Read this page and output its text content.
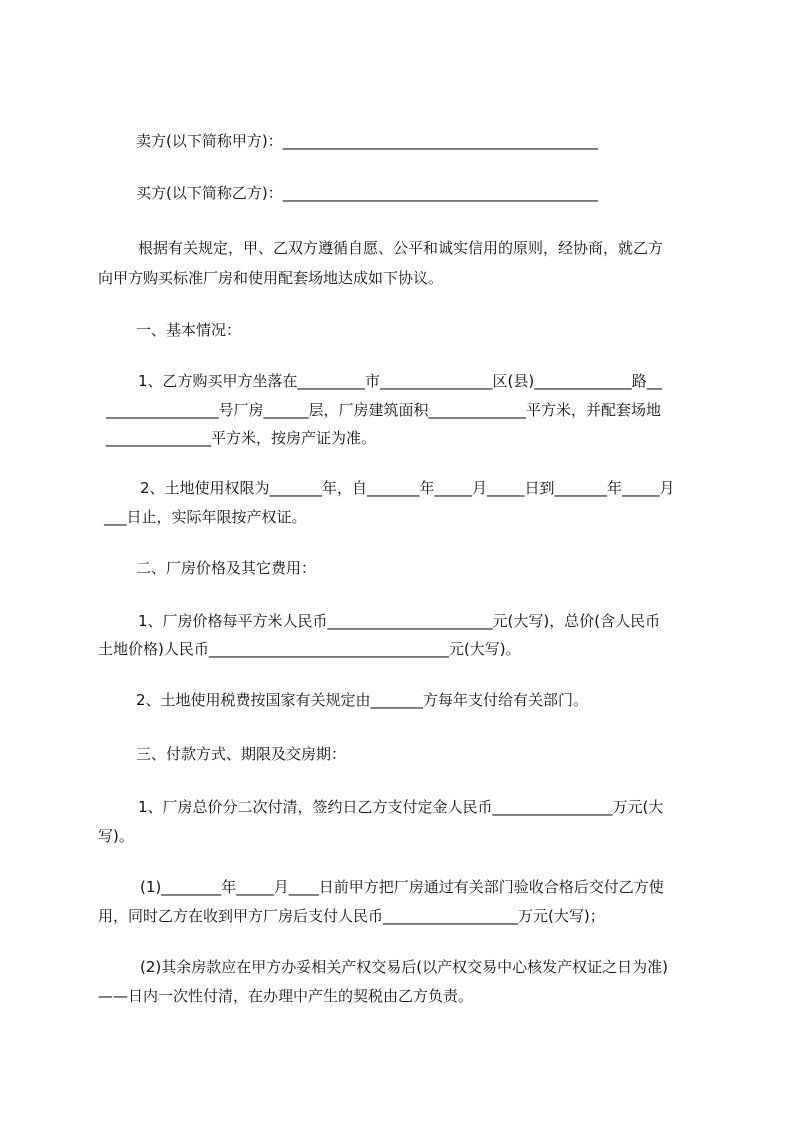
卖方(以下简称甲方)：__________________________________________

买方(以下简称乙方)：__________________________________________

根据有关规定，甲、乙双方遵循自愿、公平和诚实信用的原则，经协商，就乙方

向甲方购买标准厂房和使用配套场地达成如下协议。

一、基本情况：

1、乙方购买甲方坐落在_________市_______________区(县)_____________路__

_______________号厂房______层，厂房建筑面积_____________平方米，并配套场地

______________平方米，按房产证为准。

2、土地使用权限为_______年，自_______年_____月_____日到_______年_____月

___日止，实际年限按产权证。

二、厂房价格及其它费用：

1、厂房价格每平方米人民币______________________元(大写)，总价(含人民币

土地价格)人民币________________________________元(大写)。

2、土地使用税费按国家有关规定由_______方每年支付给有关部门。

三、付款方式、期限及交房期：

1、厂房总价分二次付清，签约日乙方支付定金人民币________________万元(大

写)。

(1)________年_____月____日前甲方把厂房通过有关部门验收合格后交付乙方使

用，同时乙方在收到甲方厂房后支付人民币__________________万元(大写)；

(2)其余房款应在甲方办妥相关产权交易后(以产权交易中心核发产权证之日为准)

——日内一次性付清，在办理中产生的契税由乙方负责。
